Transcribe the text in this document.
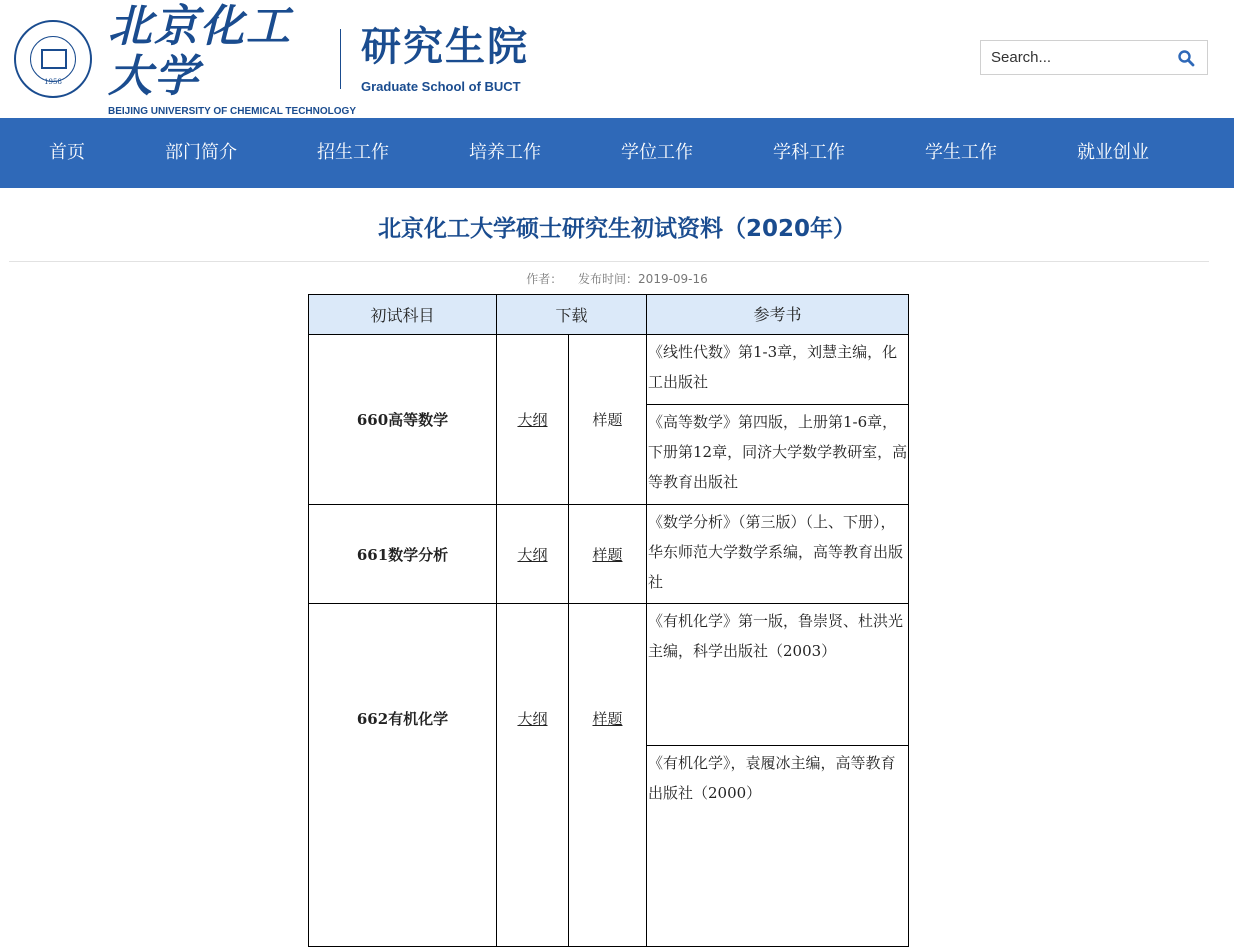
1958
北京化工大学
BEIJING UNIVERSITY OF CHEMICAL TECHNOLOGY
研究生院
Graduate School of BUCT
Search...
首页	部门简介	招生工作	培养工作	学位工作	学科工作	学生工作	就业创业
北京化工大学硕士研究生初试资料（2020年）
作者： 发布时间：2019-09-16
初试科目	下载		参考书
660高等数学	大纲	样题	《线性代数》第1-3章，刘慧主编，化工出版社

			《高等数学》第四版，上册第1-6章，下册第12章，同济大学数学教研室，高等教育出版社

661数学分析	大纲	样题	《数学分析》（第三版）（上、下册），华东师范大学数学系编，高等教育出版社

662有机化学	大纲	样题	《有机化学》第一版，鲁崇贤、杜洪光主编，科学出版社（2003）

			《有机化学》，袁履冰主编，高等教育出版社（2000）
